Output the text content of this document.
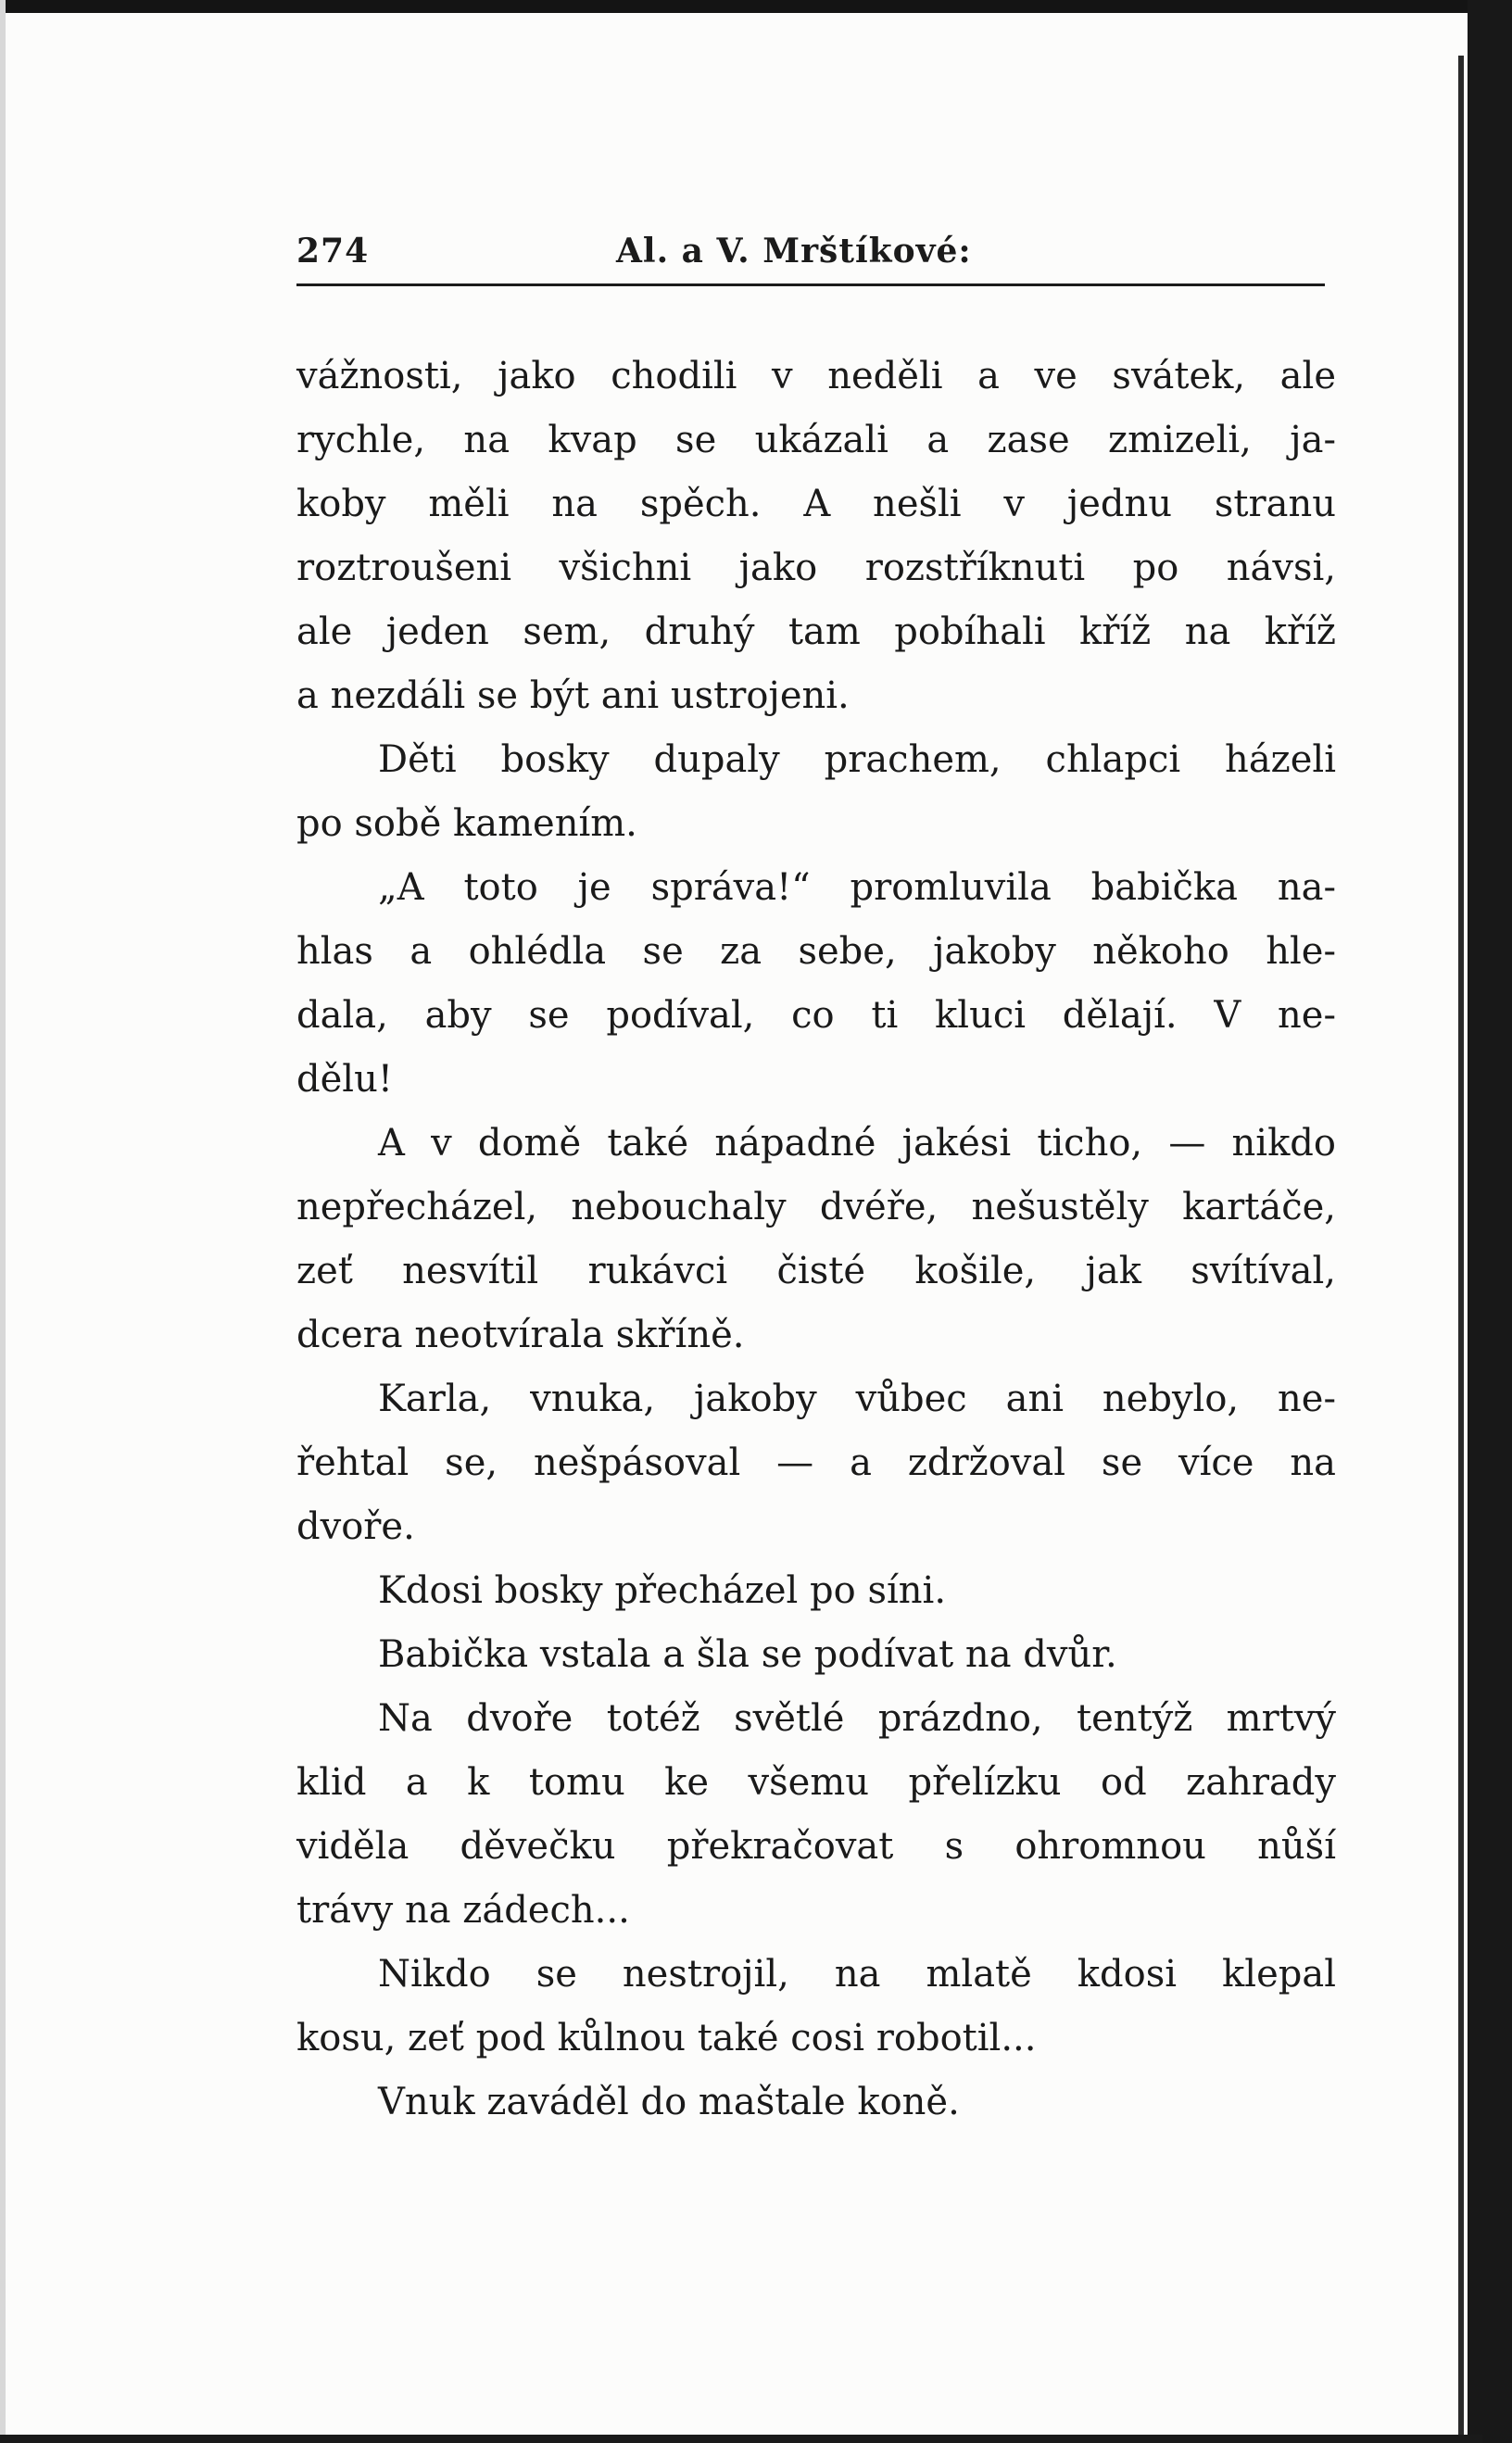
274	Al. a V. Mrštíkové:
vážnosti, jako chodili v neděli a ve svátek, ale
rychle, na kvap se ukázali a zase zmizeli, ja-
koby měli na spěch. A nešli v jednu stranu
roztroušeni všichni jako rozstříknuti po návsi,
ale jeden sem, druhý tam pobíhali kříž na kříž
a nezdáli se být ani ustrojeni.
Děti bosky dupaly prachem, chlapci házeli
po sobě kamením.
„A toto je správa!“ promluvila babička na-
hlas a ohlédla se za sebe, jakoby někoho hle-
dala, aby se podíval, co ti kluci dělají. V ne-
dělu!
A v domě také nápadné jakési ticho, — nikdo
nepřecházel, nebouchaly dvéře, nešustěly kartáče,
zeť nesvítil rukávci čisté košile, jak svítíval,
dcera neotvírala skříně.
Karla, vnuka, jakoby vůbec ani nebylo, ne-
řehtal se, nešpásoval — a zdržoval se více na
dvoře.
Kdosi bosky přecházel po síni.
Babička vstala a šla se podívat na dvůr.
Na dvoře totéž světlé prázdno, tentýž mrtvý
klid a k tomu ke všemu přelízku od zahrady
viděla děvečku překračovat s ohromnou nůší
trávy na zádech...
Nikdo se nestrojil, na mlatě kdosi klepal
kosu, zeť pod kůlnou také cosi robotil...
Vnuk zaváděl do maštale koně.
